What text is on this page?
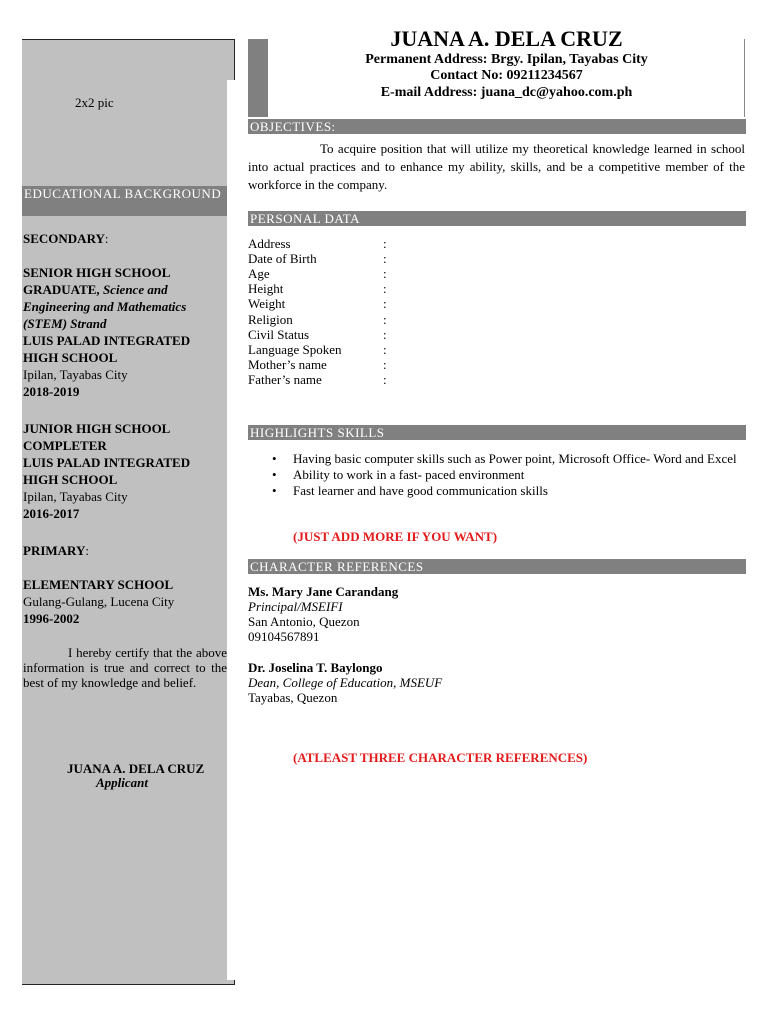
2x2 pic
EDUCATIONAL BACKGROUND
SECONDARY:
SENIOR HIGH SCHOOL GRADUATE, Science and Engineering and Mathematics (STEM) Strand
LUIS PALAD INTEGRATED HIGH SCHOOL
Ipilan, Tayabas City
2018-2019
JUNIOR HIGH SCHOOL COMPLETER
LUIS PALAD INTEGRATED HIGH SCHOOL
Ipilan, Tayabas City
2016-2017
PRIMARY:
ELEMENTARY SCHOOL
Gulang-Gulang, Lucena City
1996-2002
I hereby certify that the above information is true and correct to the best of my knowledge and belief.
JUANA A. DELA CRUZ
Applicant
JUANA A. DELA CRUZ
Permanent Address: Brgy. Ipilan, Tayabas City
Contact No: 09211234567
E-mail Address: juana_dc@yahoo.com.ph
OBJECTIVES:
To acquire position that will utilize my theoretical knowledge learned in school into actual practices and to enhance my ability, skills, and be a competitive member of the workforce in the company.
PERSONAL DATA
Address
Date of Birth
Age
Height
Weight
Religion
Civil Status
Language Spoken
Mother’s name
Father’s name
:
:
:
:
:
:
:
:
:
:
HIGHLIGHTS SKILLS
• Having basic computer skills such as Power point, Microsoft Office- Word and Excel
• Ability to work in a fast- paced environment
• Fast learner and have good communication skills
(JUST ADD MORE IF YOU WANT)
CHARACTER REFERENCES
Ms. Mary Jane Carandang
Principal/MSEIFI
San Antonio, Quezon
09104567891
Dr. Joselina T. Baylongo
Dean, College of Education, MSEUF
Tayabas, Quezon
(ATLEAST THREE CHARACTER REFERENCES)
